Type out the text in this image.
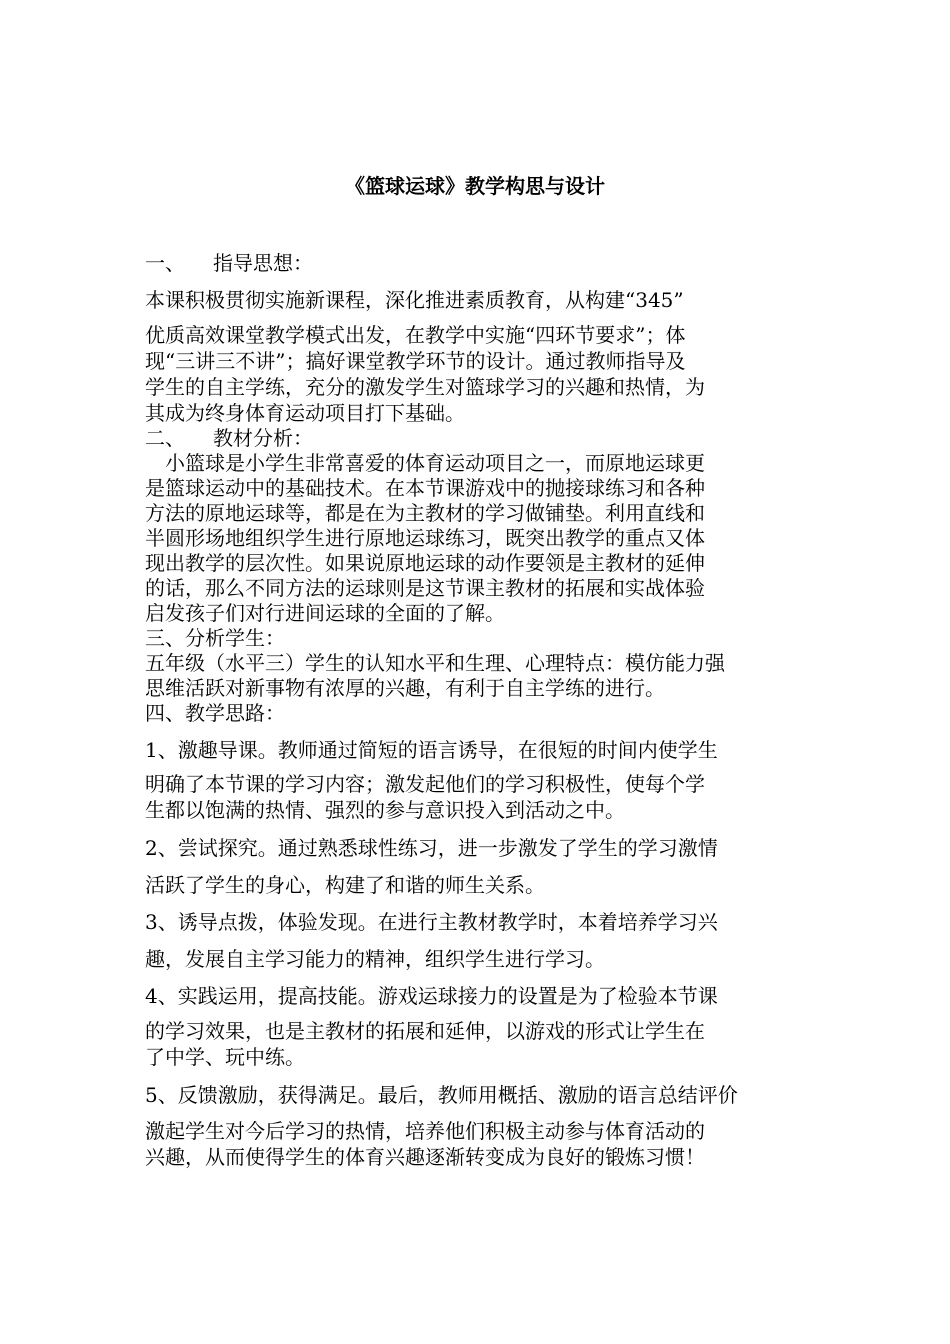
《篮球运球》教学构思与设计
一、 指导思想：
本课积极贯彻实施新课程，深化推进素质教育，从构建“345”
优质高效课堂教学模式出发，在教学中实施“四环节要求”；体
现“三讲三不讲”；搞好课堂教学环节的设计。通过教师指导及
学生的自主学练，充分的激发学生对篮球学习的兴趣和热情，为
其成为终身体育运动项目打下基础。
二、 教材分析：
　小篮球是小学生非常喜爱的体育运动项目之一，而原地运球更
是篮球运动中的基础技术。在本节课游戏中的抛接球练习和各种
方法的原地运球等，都是在为主教材的学习做铺垫。利用直线和
半圆形场地组织学生进行原地运球练习，既突出教学的重点又体
现出教学的层次性。如果说原地运球的动作要领是主教材的延伸
的话，那么不同方法的运球则是这节课主教材的拓展和实战体验
启发孩子们对行进间运球的全面的了解。
三、分析学生：
五年级（水平三）学生的认知水平和生理、心理特点：模仿能力强
思维活跃对新事物有浓厚的兴趣，有利于自主学练的进行。
四、教学思路：
1、激趣导课。教师通过简短的语言诱导，在很短的时间内使学生
明确了本节课的学习内容；激发起他们的学习积极性，使每个学
生都以饱满的热情、强烈的参与意识投入到活动之中。
2、尝试探究。通过熟悉球性练习，进一步激发了学生的学习激情
活跃了学生的身心，构建了和谐的师生关系。
3、诱导点拨，体验发现。在进行主教材教学时，本着培养学习兴
趣，发展自主学习能力的精神，组织学生进行学习。
4、实践运用，提高技能。游戏运球接力的设置是为了检验本节课
的学习效果，也是主教材的拓展和延伸，以游戏的形式让学生在
了中学、玩中练。
5、反馈激励，获得满足。最后，教师用概括、激励的语言总结评价
激起学生对今后学习的热情，培养他们积极主动参与体育活动的
兴趣，从而使得学生的体育兴趣逐渐转变成为良好的锻炼习惯！
